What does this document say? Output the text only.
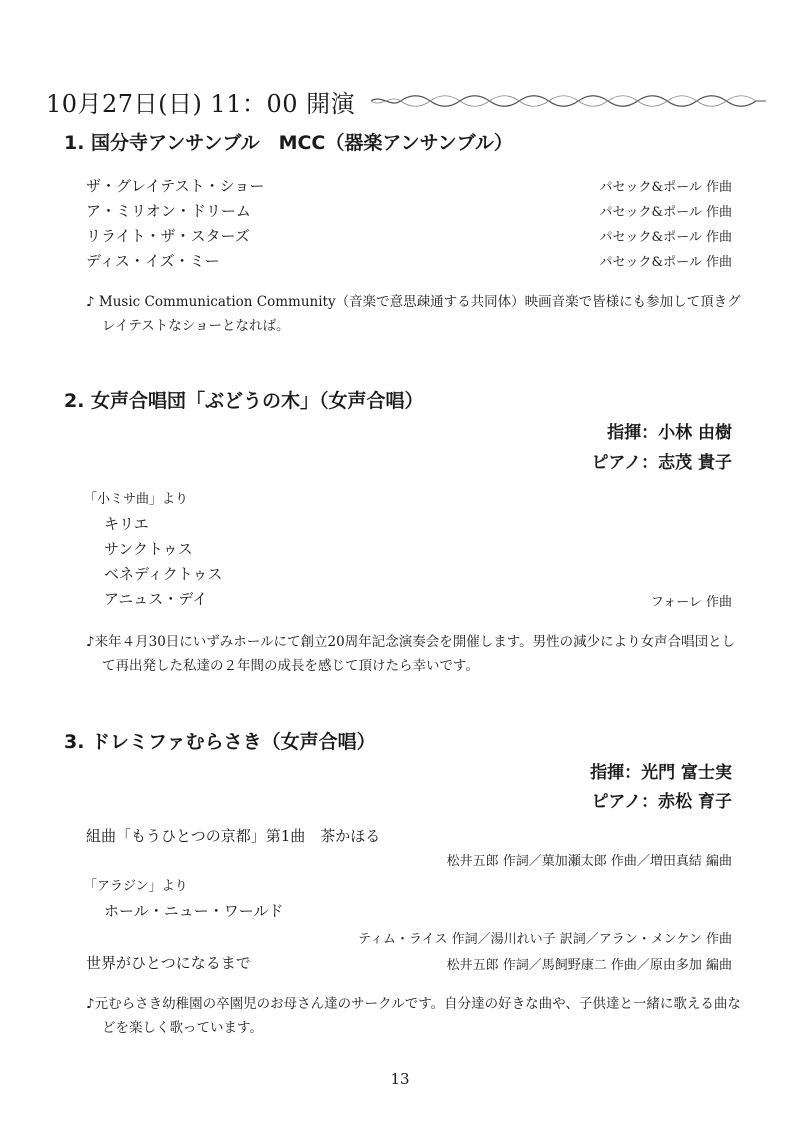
10月27日(日) 11：00 開演
1. 国分寺アンサンブル　MCC（器楽アンサンブル）
ザ・グレイテスト・ショー	パセック&ポール 作曲
ア・ミリオン・ドリーム	パセック&ポール 作曲
リライト・ザ・スターズ	パセック&ポール 作曲
ディス・イズ・ミー	パセック&ポール 作曲
♪ Music Communication Community（音楽で意思疎通する共同体）映画音楽で皆様にも参加して頂きグレイテストなショーとなれば。
2. 女声合唱団「ぶどうの木」（女声合唱）
指揮：小林 由樹
ピアノ：志茂 貴子
「小ミサ曲」より
キリエ
サンクトゥス
ベネディクトゥス
アニュス・デイ	フォーレ 作曲
♪来年４月30日にいずみホールにて創立20周年記念演奏会を開催します。男性の減少により女声合唱団として再出発した私達の２年間の成長を感じて頂けたら幸いです。
3. ドレミファむらさき（女声合唱）
指揮：光門 富士実
ピアノ：赤松 育子
組曲「もうひとつの京都」第1曲　茶かほる
松井五郎 作詞／菓加瀬太郎 作曲／増田真結 編曲
「アラジン」より
ホール・ニュー・ワールド
ティム・ライス 作詞／湯川れい子 訳詞／アラン・メンケン 作曲
世界がひとつになるまで	松井五郎 作詞／馬飼野康二 作曲／原由多加 編曲
♪元むらさき幼稚園の卒園児のお母さん達のサークルです。自分達の好きな曲や、子供達と一緒に歌える曲などを楽しく歌っています。
13
